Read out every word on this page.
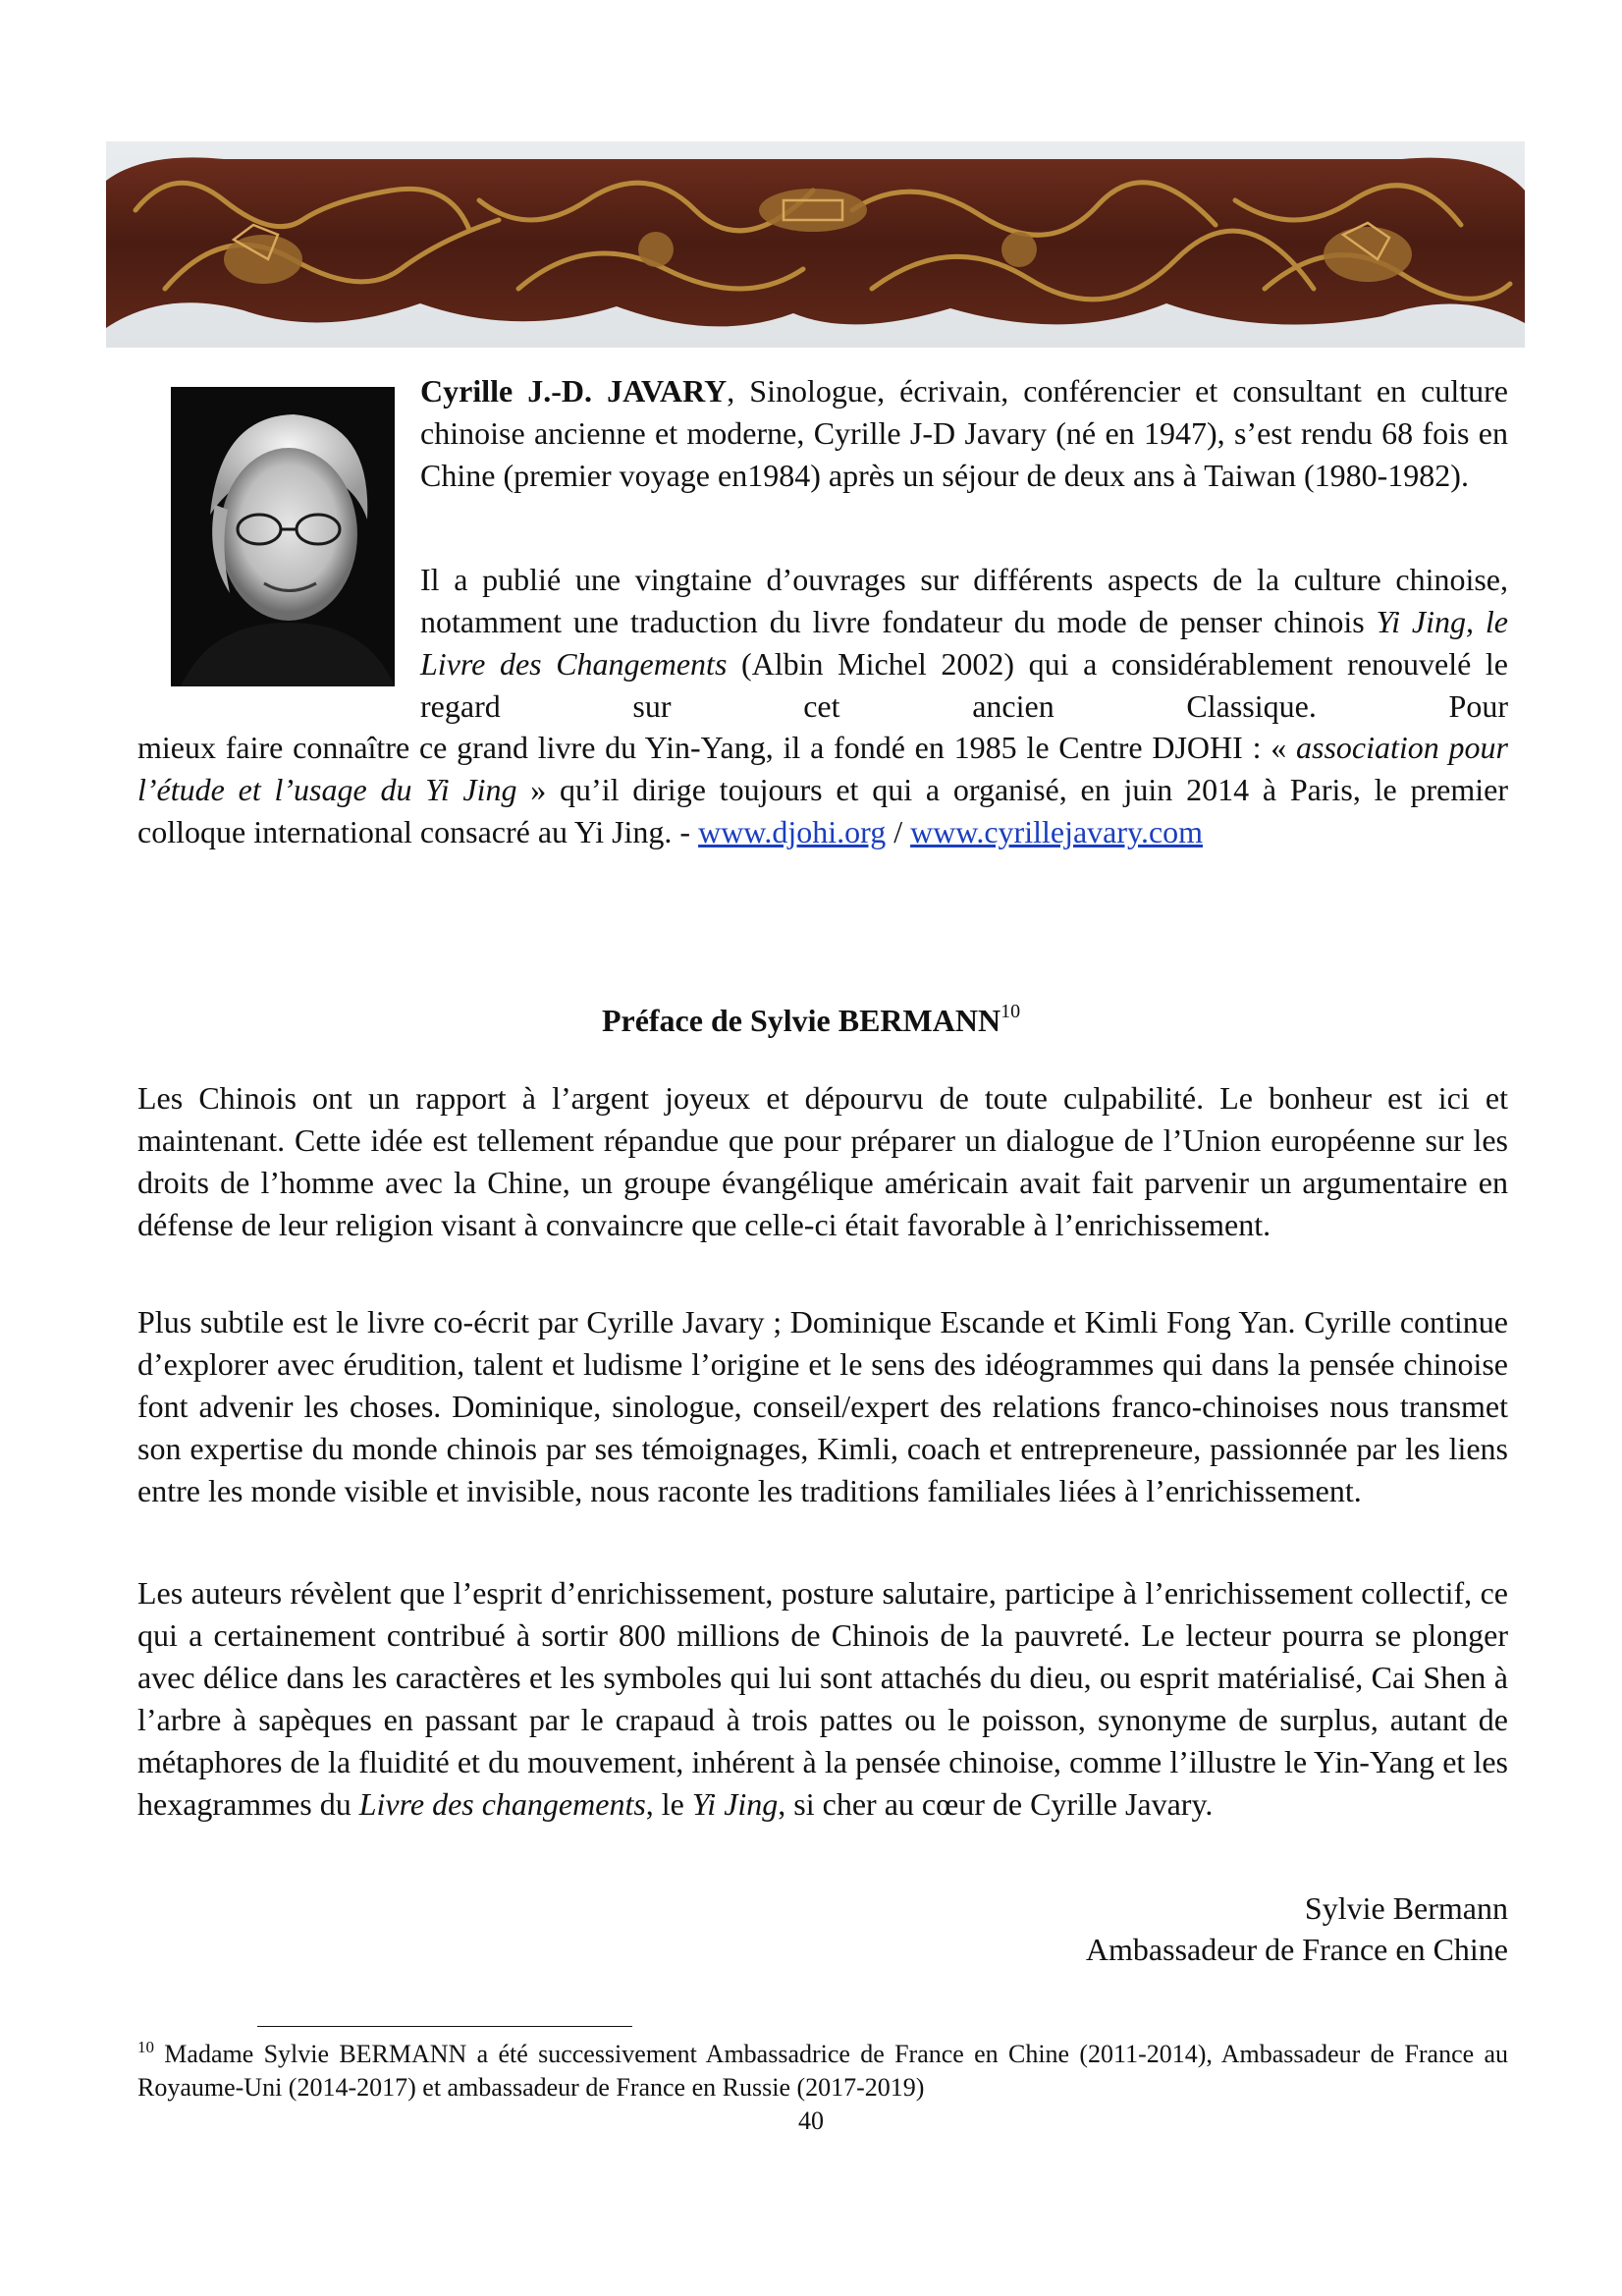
Cyrille J.-D. JAVARY, Sinologue, écrivain, conférencier et consultant en culture chinoise ancienne et moderne, Cyrille J-D Javary (né en 1947), s’est rendu 68 fois en Chine (premier voyage en1984) après un séjour de deux ans à Taiwan (1980-1982).

Il a publié une vingtaine d’ouvrages sur différents aspects de la culture chinoise, notamment une traduction du livre fondateur du mode de penser chinois Yi Jing, le Livre des Changements (Albin Michel 2002) qui a considérablement renouvelé le regard sur cet ancien Classique. Pour

mieux faire connaître ce grand livre du Yin-Yang, il a fondé en 1985 le Centre DJOHI : « association pour l’étude et l’usage du Yi Jing » qu’il dirige toujours et qui a organisé, en juin 2014 à Paris, le premier colloque international consacré au Yi Jing. - www.djohi.org / www.cyrillejavary.com

Préface de Sylvie BERMANN$^{10}$

Les Chinois ont un rapport à l’argent joyeux et dépourvu de toute culpabilité. Le bonheur est ici et maintenant. Cette idée est tellement répandue que pour préparer un dialogue de l’Union européenne sur les droits de l’homme avec la Chine, un groupe évangélique américain avait fait parvenir un argumentaire en défense de leur religion visant à convaincre que celle-ci était favorable à l’enrichissement.

Plus subtile est le livre co-écrit par Cyrille Javary ; Dominique Escande et Kimli Fong Yan. Cyrille continue d’explorer avec érudition, talent et ludisme l’origine et le sens des idéogrammes qui dans la pensée chinoise font advenir les choses. Dominique, sinologue, conseil/expert des relations franco-chinoises nous transmet son expertise du monde chinois par ses témoignages, Kimli, coach et entrepreneure, passionnée par les liens entre les monde visible et invisible, nous raconte les traditions familiales liées à l’enrichissement.

Les auteurs révèlent que l’esprit d’enrichissement, posture salutaire, participe à l’enrichissement collectif, ce qui a certainement contribué à sortir 800 millions de Chinois de la pauvreté. Le lecteur pourra se plonger avec délice dans les caractères et les symboles qui lui sont attachés du dieu, ou esprit matérialisé, Cai Shen à l’arbre à sapèques en passant par le crapaud à trois pattes ou le poisson, synonyme de surplus, autant de métaphores de la fluidité et du mouvement, inhérent à la pensée chinoise, comme l’illustre le Yin-Yang et les hexagrammes du Livre des changements, le Yi Jing, si cher au cœur de Cyrille Javary.

Sylvie Bermann

Ambassadeur de France en Chine

$^{10}$ Madame Sylvie BERMANN a été successivement Ambassadrice de France en Chine (2011-2014), Ambassadeur de France au Royaume-Uni (2014-2017) et ambassadeur de France en Russie (2017-2019)

40
